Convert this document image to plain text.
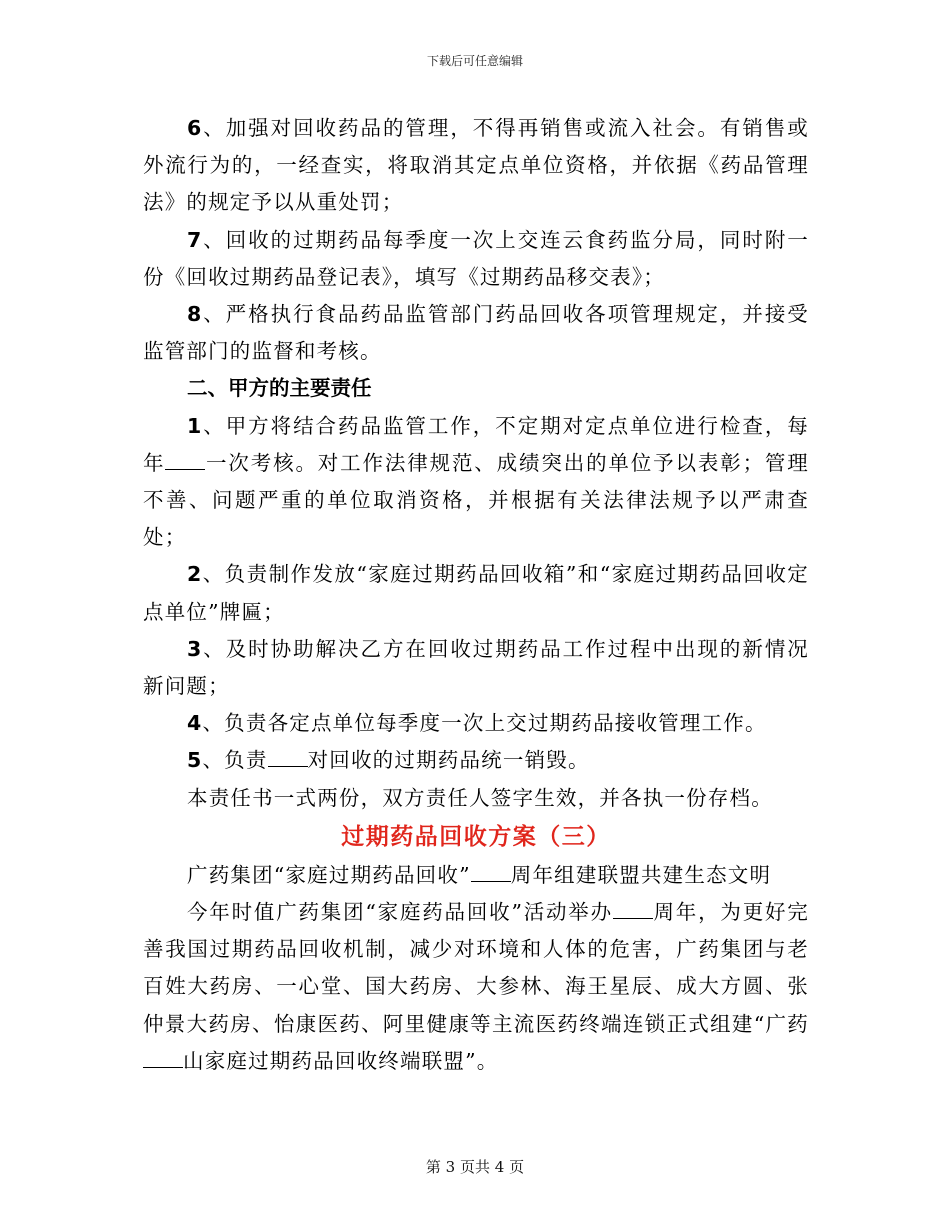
下载后可任意编辑

6、加强对回收药品的管理，不得再销售或流入社会。有销售或外流行为的，一经查实，将取消其定点单位资格，并依据《药品管理法》的规定予以从重处罚；

7、回收的过期药品每季度一次上交连云食药监分局，同时附一份《回收过期药品登记表》，填写《过期药品移交表》；

8、严格执行食品药品监管部门药品回收各项管理规定，并接受监管部门的监督和考核。

二、甲方的主要责任

1、甲方将结合药品监管工作，不定期对定点单位进行检查，每年 一次考核。对工作法律规范、成绩突出的单位予以表彰；管理不善、问题严重的单位取消资格，并根据有关法律法规予以严肃查处；

2、负责制作发放“家庭过期药品回收箱”和“家庭过期药品回收定点单位”牌匾；

3、及时协助解决乙方在回收过期药品工作过程中出现的新情况新问题；

4、负责各定点单位每季度一次上交过期药品接收管理工作。

5、负责 对回收的过期药品统一销毁。

本责任书一式两份，双方责任人签字生效，并各执一份存档。

过期药品回收方案（三）

广药集团“家庭过期药品回收” 周年组建联盟共建生态文明

今年时值广药集团“家庭药品回收”活动举办 周年，为更好完善我国过期药品回收机制，减少对环境和人体的危害，广药集团与老百姓大药房、一心堂、国大药房、大参林、海王星辰、成大方圆、张仲景大药房、怡康医药、阿里健康等主流医药终端连锁正式组建“广药山家庭过期药品回收终端联盟”。

第 3 页共 4 页
